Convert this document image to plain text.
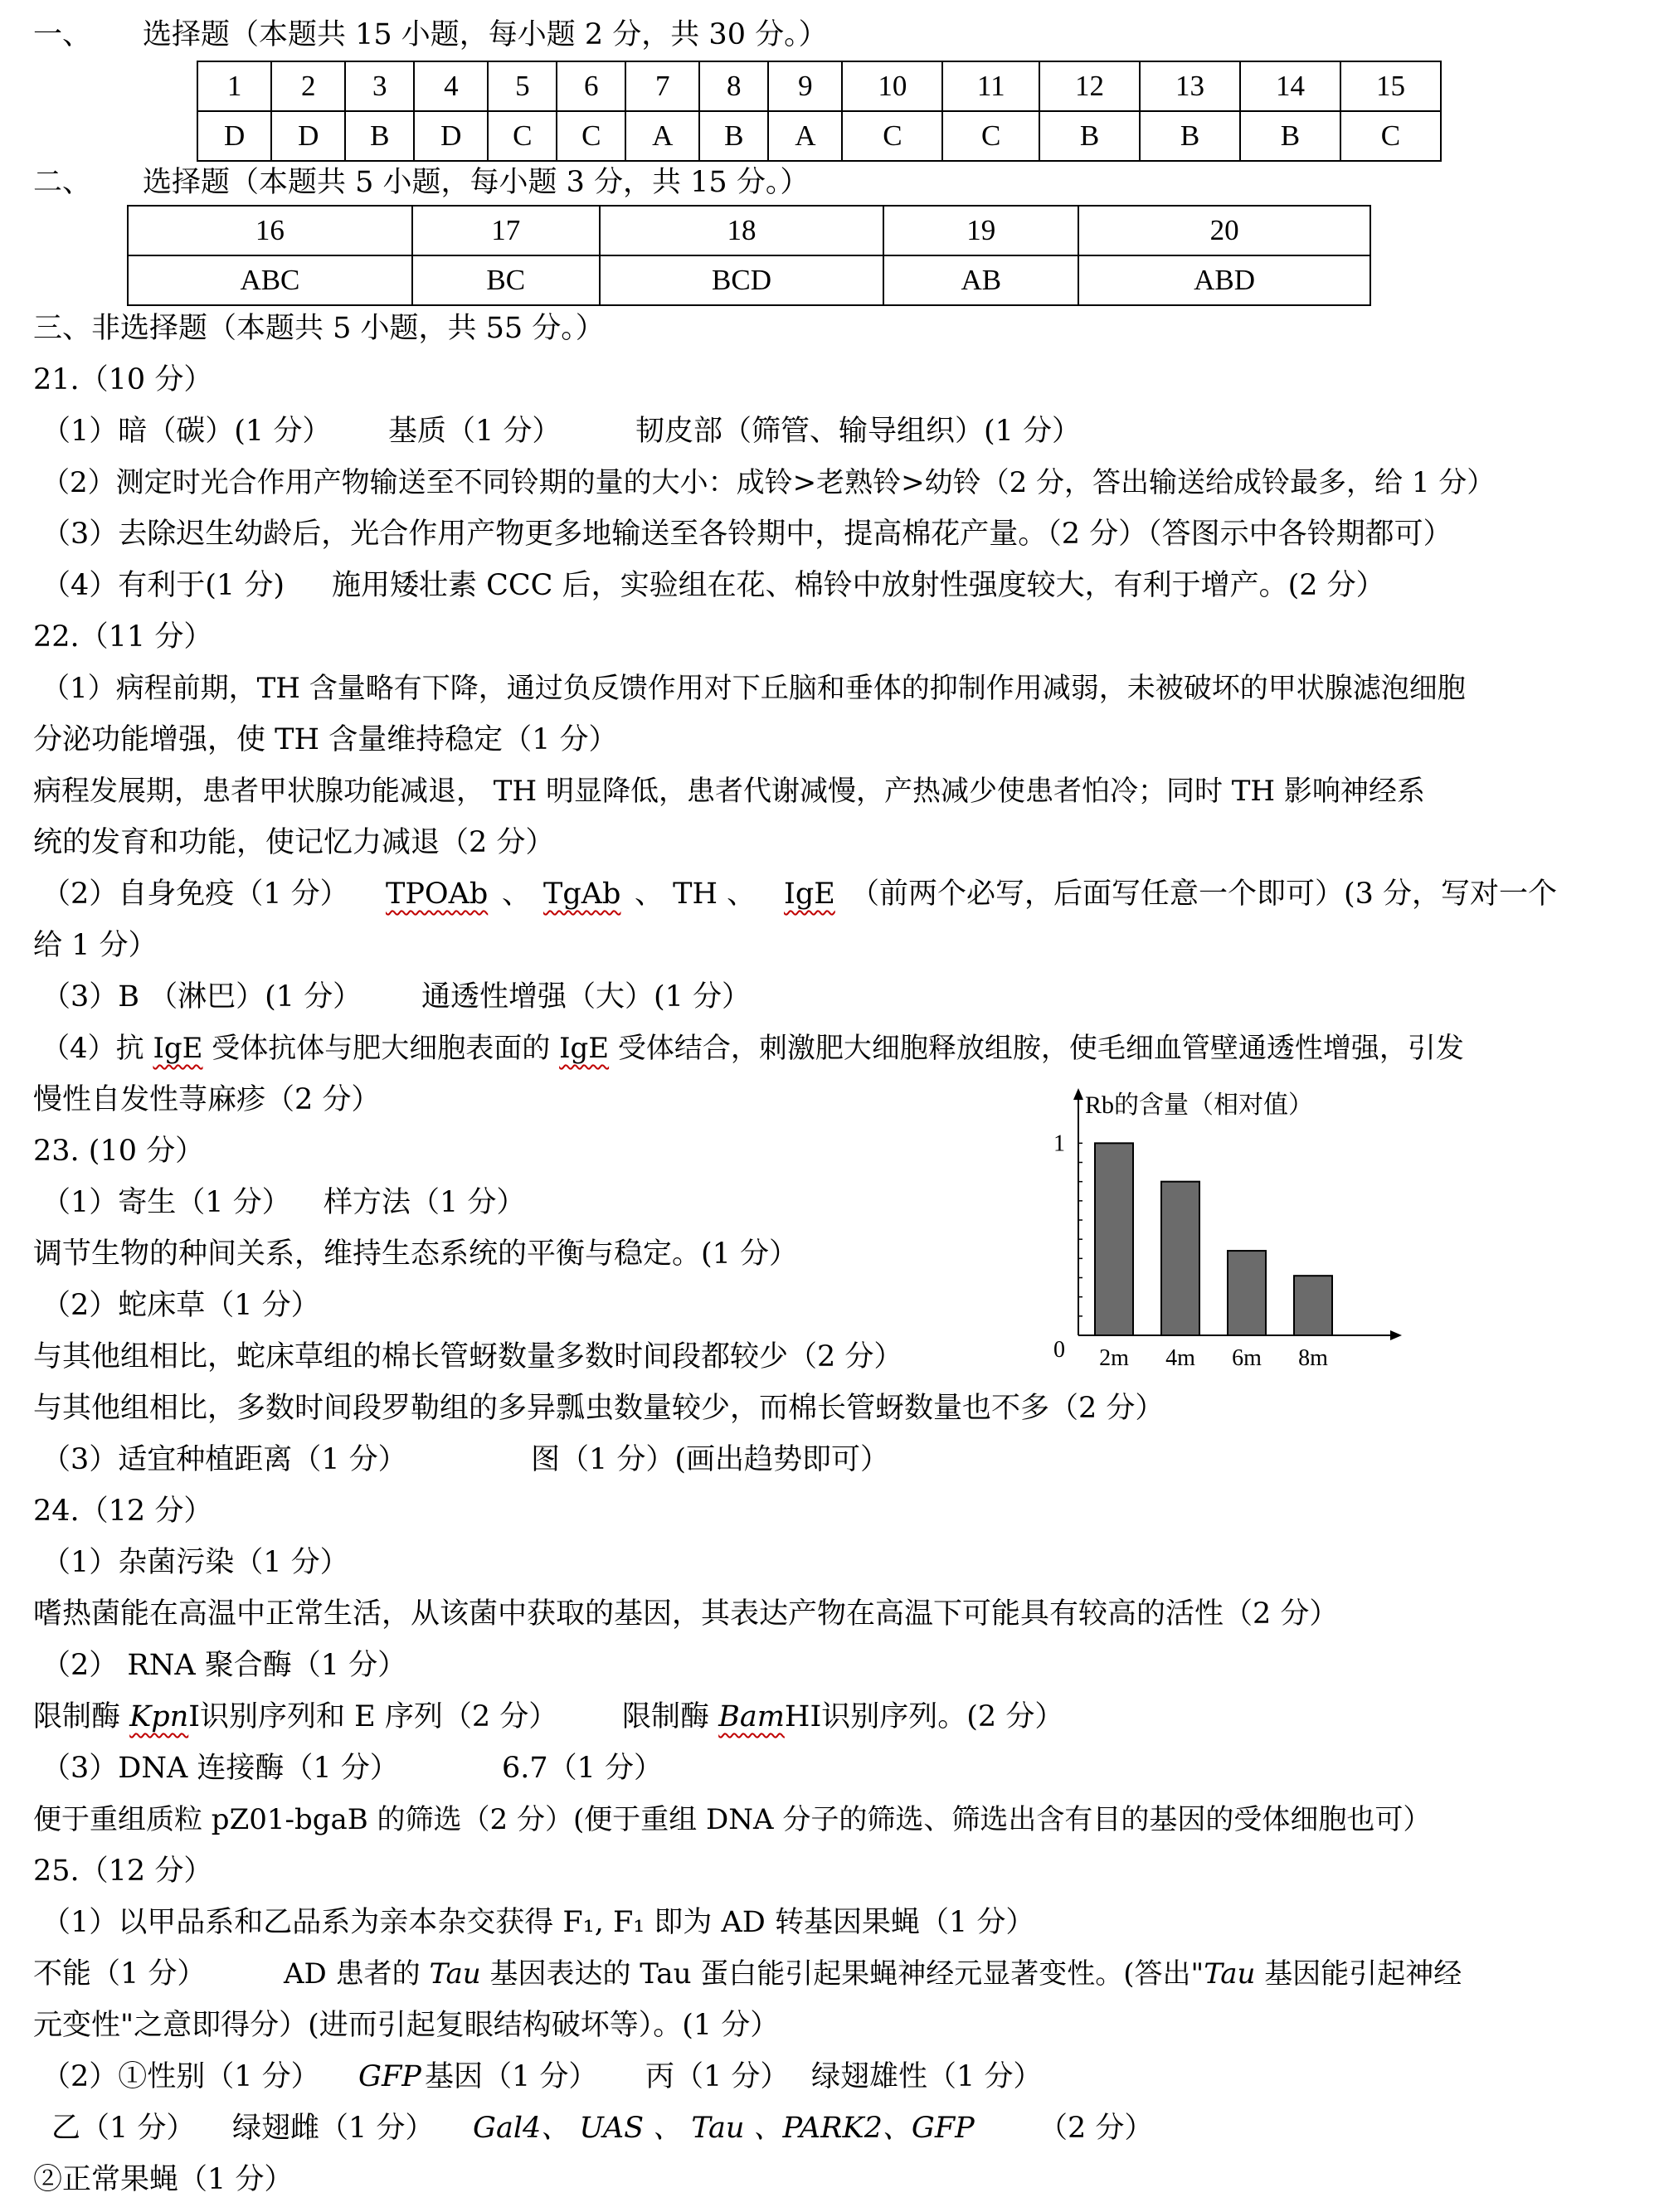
一、 选择题（本题共 15 小题，每小题 2 分，共 30 分。）
1	2	3	4	5	6	7	8	9	10	11	12	13	14	15
D	D	B	D	C	C	A	B	A	C	C	B	B	B	C
二、 选择题（本题共 5 小题，每小题 3 分，共 15 分。）
16	17	18	19	20
ABC	BC	BCD	AB	ABD
三、非选择题（本题共 5 小题，共 55 分。）
21.（10 分）
（1）暗（碳）(1 分） 基质（1 分）	韧皮部（筛管、输导组织）(1 分）
（2）测定时光合作用产物输送至不同铃期的量的大小：成铃>老熟铃>幼铃（2 分，答出输送给成铃最多，给 1 分）
（3）去除迟生幼龄后，光合作用产物更多地输送至各铃期中，提高棉花产量。（2 分）（答图示中各铃期都可）
（4）有利于(1 分) 施用矮壮素 CCC 后，实验组在花、棉铃中放射性强度较大，有利于增产。(2 分）
22.（11 分）
（1）病程前期，TH 含量略有下降，通过负反馈作用对下丘脑和垂体的抑制作用减弱，未被破坏的甲状腺滤泡细胞
分泌功能增强，使 TH 含量维持稳定（1 分）
病程发展期，患者甲状腺功能减退， TH 明显降低，患者代谢减慢，产热减少使患者怕冷；同时 TH 影响神经系
统的发育和功能，使记忆力减退（2 分）
（2）自身免疫（1 分） TPOAb 、 TgAb 、 TH 、 IgE （前两个必写，后面写任意一个即可）(3 分，写对一个
给 1 分）
（3）B （淋巴）(1 分） 通透性增强（大）(1 分）
（4）抗 IgE 受体抗体与肥大细胞表面的 IgE 受体结合，刺激肥大细胞释放组胺，使毛细血管壁通透性增强，引发
慢性自发性荨麻疹（2 分）	Rb的含量（相对值）
0
1
2m 4m 6m 8m
23. (10 分）
（1）寄生（1 分） 样方法（1 分）
调节生物的种间关系，维持生态系统的平衡与稳定。(1 分）
（2）蛇床草（1 分）
与其他组相比，蛇床草组的棉长管蚜数量多数时间段都较少（2 分）
与其他组相比，多数时间段罗勒组的多异瓢虫数量较少，而棉长管蚜数量也不多（2 分）
（3）适宜种植距离（1 分）	图（1 分）(画出趋势即可）
24.（12 分）
（1）杂菌污染（1 分）
嗜热菌能在高温中正常生活，从该菌中获取的基因，其表达产物在高温下可能具有较高的活性（2 分）
（2） RNA 聚合酶（1 分）
限制酶 KpnⅠ识别序列和 E 序列（2 分） 限制酶 BamHⅠ识别序列。(2 分）
（3）DNA 连接酶（1 分）	6.7（1 分）
便于重组质粒 pZ01-bgaB 的筛选（2 分）(便于重组 DNA 分子的筛选、筛选出含有目的基因的受体细胞也可）
25.（12 分）
（1）以甲品系和乙品系为亲本杂交获得 F₁, F₁ 即为 AD 转基因果蝇（1 分）
不能（1 分）	AD 患者的 Tau 基因表达的 Tau 蛋白能引起果蝇神经元显著变性。(答出"Tau 基因能引起神经
元变性"之意即得分）(进而引起复眼结构破坏等）。(1 分）
（2）①性别（1 分） GFP 基因（1 分） 丙（1 分） 绿翅雄性（1 分）
乙（1 分） 绿翅雌（1 分） Gal4、 UAS 、 Tau 、PARK2、GFP （2 分）
②正常果蝇（1 分）
